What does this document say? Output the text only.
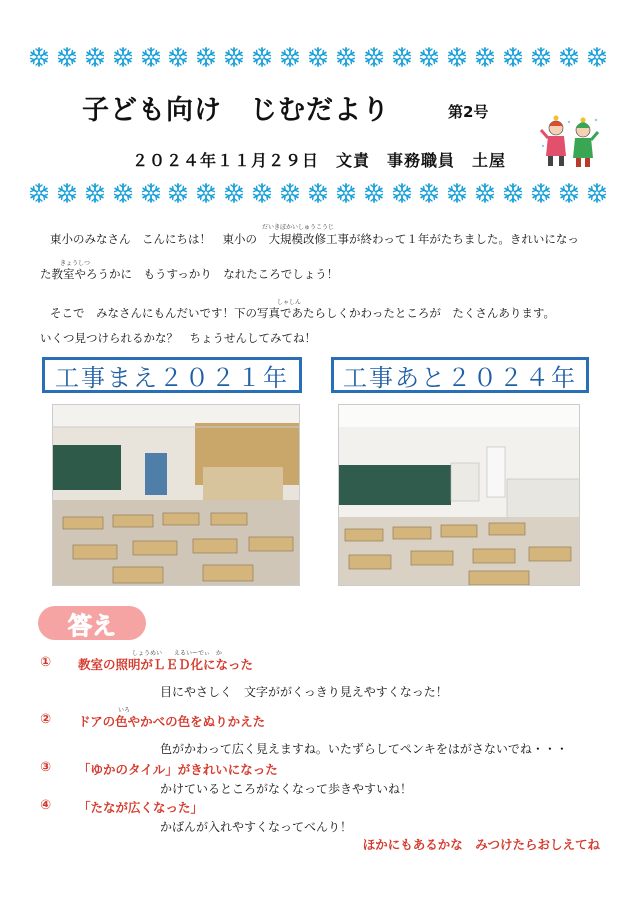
子ども向け　じむだより	第2号
２０２４年１１月２９日　文責　事務職員　土屋
だいきぼかいしゅうこうじ
東小のみなさん　こんにちは！　東小の　大規模改修工事が終わって１年がたちました。きれいになっ
きょうしつ
た教室やろうかに　もうすっかり　なれたころでしょう！
しゃしん
そこで　みなさんにもんだいです！下の写真であたらしくかわったところが　たくさんあります。
いくつ見つけられるかな？　ちょうせんしてみてね！
工事まえ２０２１年	工事あと２０２４年
答え
①
しょうめい　　えるいーでぃ　か
教室の照明がＬＥＤ化になった
目にやさしく　文字ががくっきり見えやすくなった！
②
いろ
ドアの色やかべの色をぬりかえた
色がかわって広く見えますね。いたずらしてペンキをはがさないでね・・・
③ 「ゆかのタイル」がきれいになった
かけているところがなくなって歩きやすいね！
④ 「たなが広くなった」
かばんが入れやすくなってべんり！
ほかにもあるかな　みつけたらおしえてね
